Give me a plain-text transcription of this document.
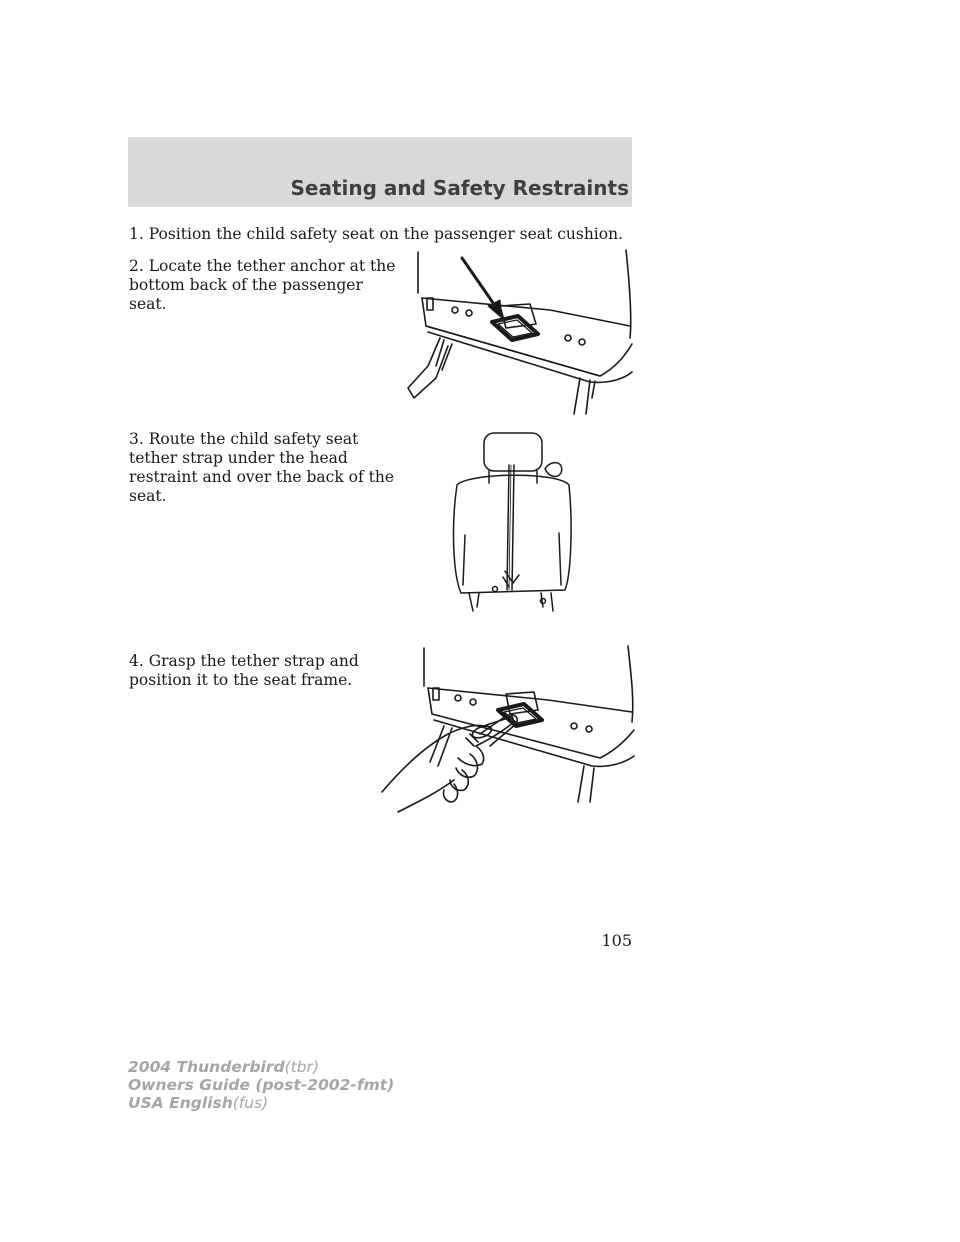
Seating and Safety Restraints
1. Position the child safety seat on the passenger seat cushion.
2. Locate the tether anchor at the bottom back of the passenger seat.
3. Route the child safety seat tether strap under the head restraint and over the back of the seat.
4. Grasp the tether strap and position it to the seat frame.
105
2004 Thunderbird(tbr)
Owners Guide (post-2002-fmt)
USA English(fus)
